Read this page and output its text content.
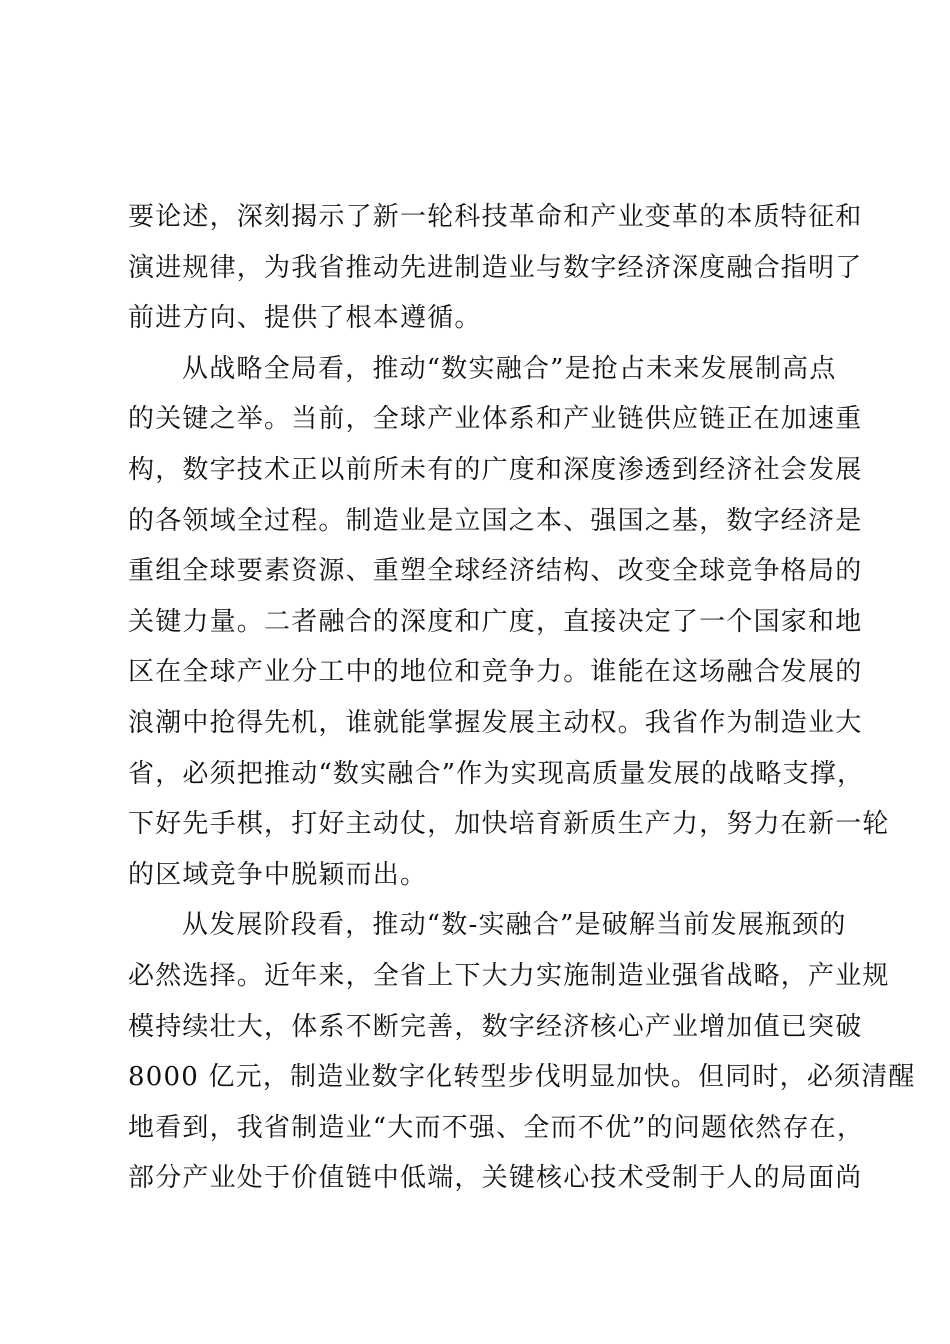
要论述，深刻揭示了新一轮科技革命和产业变革的本质特征和
演进规律，为我省推动先进制造业与数字经济深度融合指明了
前进方向、提供了根本遵循。
从战略全局看，推动“数实融合”是抢占未来发展制高点
的关键之举。当前，全球产业体系和产业链供应链正在加速重
构，数字技术正以前所未有的广度和深度渗透到经济社会发展
的各领域全过程。制造业是立国之本、强国之基，数字经济是
重组全球要素资源、重塑全球经济结构、改变全球竞争格局的
关键力量。二者融合的深度和广度，直接决定了一个国家和地
区在全球产业分工中的地位和竞争力。谁能在这场融合发展的
浪潮中抢得先机，谁就能掌握发展主动权。我省作为制造业大
省，必须把推动“数实融合”作为实现高质量发展的战略支撑，
下好先手棋，打好主动仗，加快培育新质生产力，努力在新一轮
的区域竞争中脱颖而出。
从发展阶段看，推动“数-实融合”是破解当前发展瓶颈的
必然选择。近年来，全省上下大力实施制造业强省战略，产业规
模持续壮大，体系不断完善，数字经济核心产业增加值已突破
8000 亿元，制造业数字化转型步伐明显加快。但同时，必须清醒
地看到，我省制造业“大而不强、全而不优”的问题依然存在，
部分产业处于价值链中低端，关键核心技术受制于人的局面尚
